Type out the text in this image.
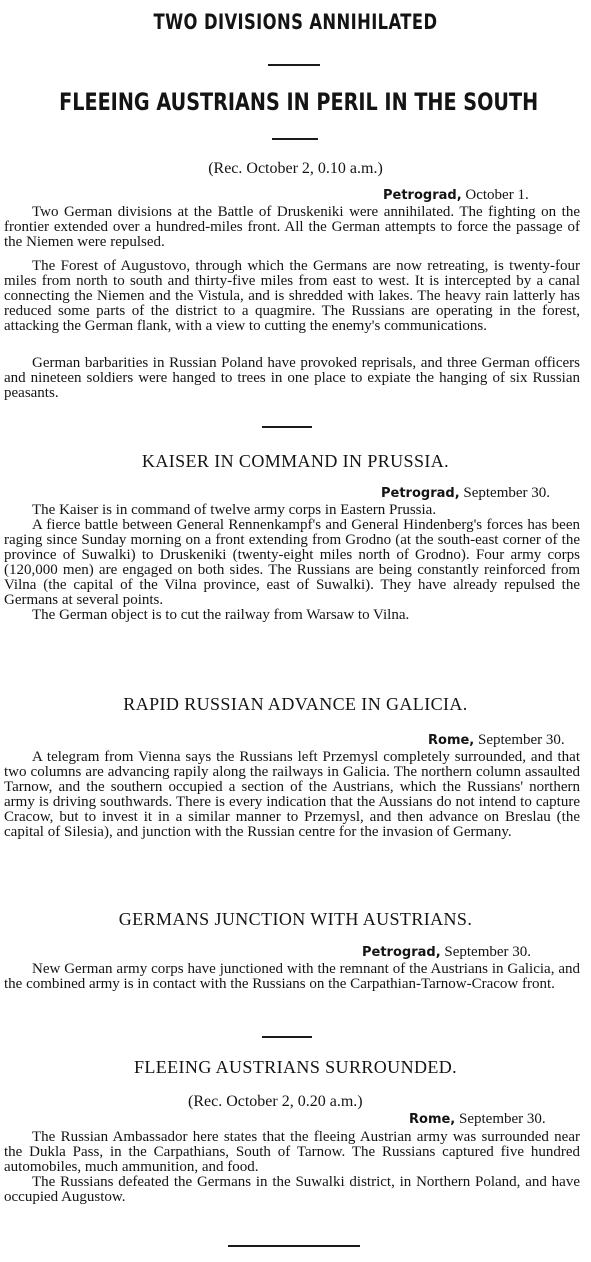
TWO DIVISIONS ANNIHILATED
FLEEING AUSTRIANS IN PERIL IN THE SOUTH
(Rec. October 2, 0.10 a.m.)
Petrograd, October 1.

Two German divisions at the Battle of Druskeniki were annihilated. The fighting on the frontier extended over a hundred-miles front. All the German attempts to force the passage of the Niemen were repulsed.

The Forest of Augustovo, through which the Germans are now retreating, is twenty-four miles from north to south and thirty-five miles from east to west. It is intercepted by a canal connecting the Niemen and the Vistula, and is shredded with lakes. The heavy rain latterly has reduced some parts of the district to a quagmire. The Russians are operating in the forest, attacking the German flank, with a view to cutting the enemy's communications.

German barbarities in Russian Poland have provoked reprisals, and three German officers and nineteen soldiers were hanged to trees in one place to expiate the hanging of six Russian peasants.

KAISER IN COMMAND IN PRUSSIA.
Petrograd, September 30.

The Kaiser is in command of twelve army corps in Eastern Prussia.

A fierce battle between General Rennenkampf's and General Hindenberg's forces has been raging since Sunday morning on a front extending from Grodno (at the south-east corner of the province of Suwalki) to Druskeniki (twenty-eight miles north of Grodno). Four army corps (120,000 men) are engaged on both sides. The Russians are being constantly reinforced from Vilna (the capital of the Vilna province, east of Suwalki). They have already repulsed the Germans at several points.

The German object is to cut the railway from Warsaw to Vilna.

RAPID RUSSIAN ADVANCE IN GALICIA.
Rome, September 30.

A telegram from Vienna says the Russians left Przemysl completely surrounded, and that two columns are advancing rapily along the railways in Galicia. The northern column assaulted Tarnow, and the southern occupied a section of the Austrians, which the Russians' northern army is driving southwards. There is every indication that the Aussians do not intend to capture Cracow, but to invest it in a similar manner to Przemysl, and then advance on Breslau (the capital of Silesia), and junction with the Russian centre for the invasion of Germany.

GERMANS JUNCTION WITH AUSTRIANS.
Petrograd, September 30.

New German army corps have junctioned with the remnant of the Austrians in Galicia, and the combined army is in contact with the Russians on the Carpathian-Tarnow-Cracow front.

FLEEING AUSTRIANS SURROUNDED.
(Rec. October 2, 0.20 a.m.)
Rome, September 30.

The Russian Ambassador here states that the fleeing Austrian army was surrounded near the Dukla Pass, in the Carpathians, South of Tarnow. The Russians captured five hundred automobiles, much ammunition, and food.

The Russians defeated the Germans in the Suwalki district, in Northern Poland, and have occupied Augustow.
